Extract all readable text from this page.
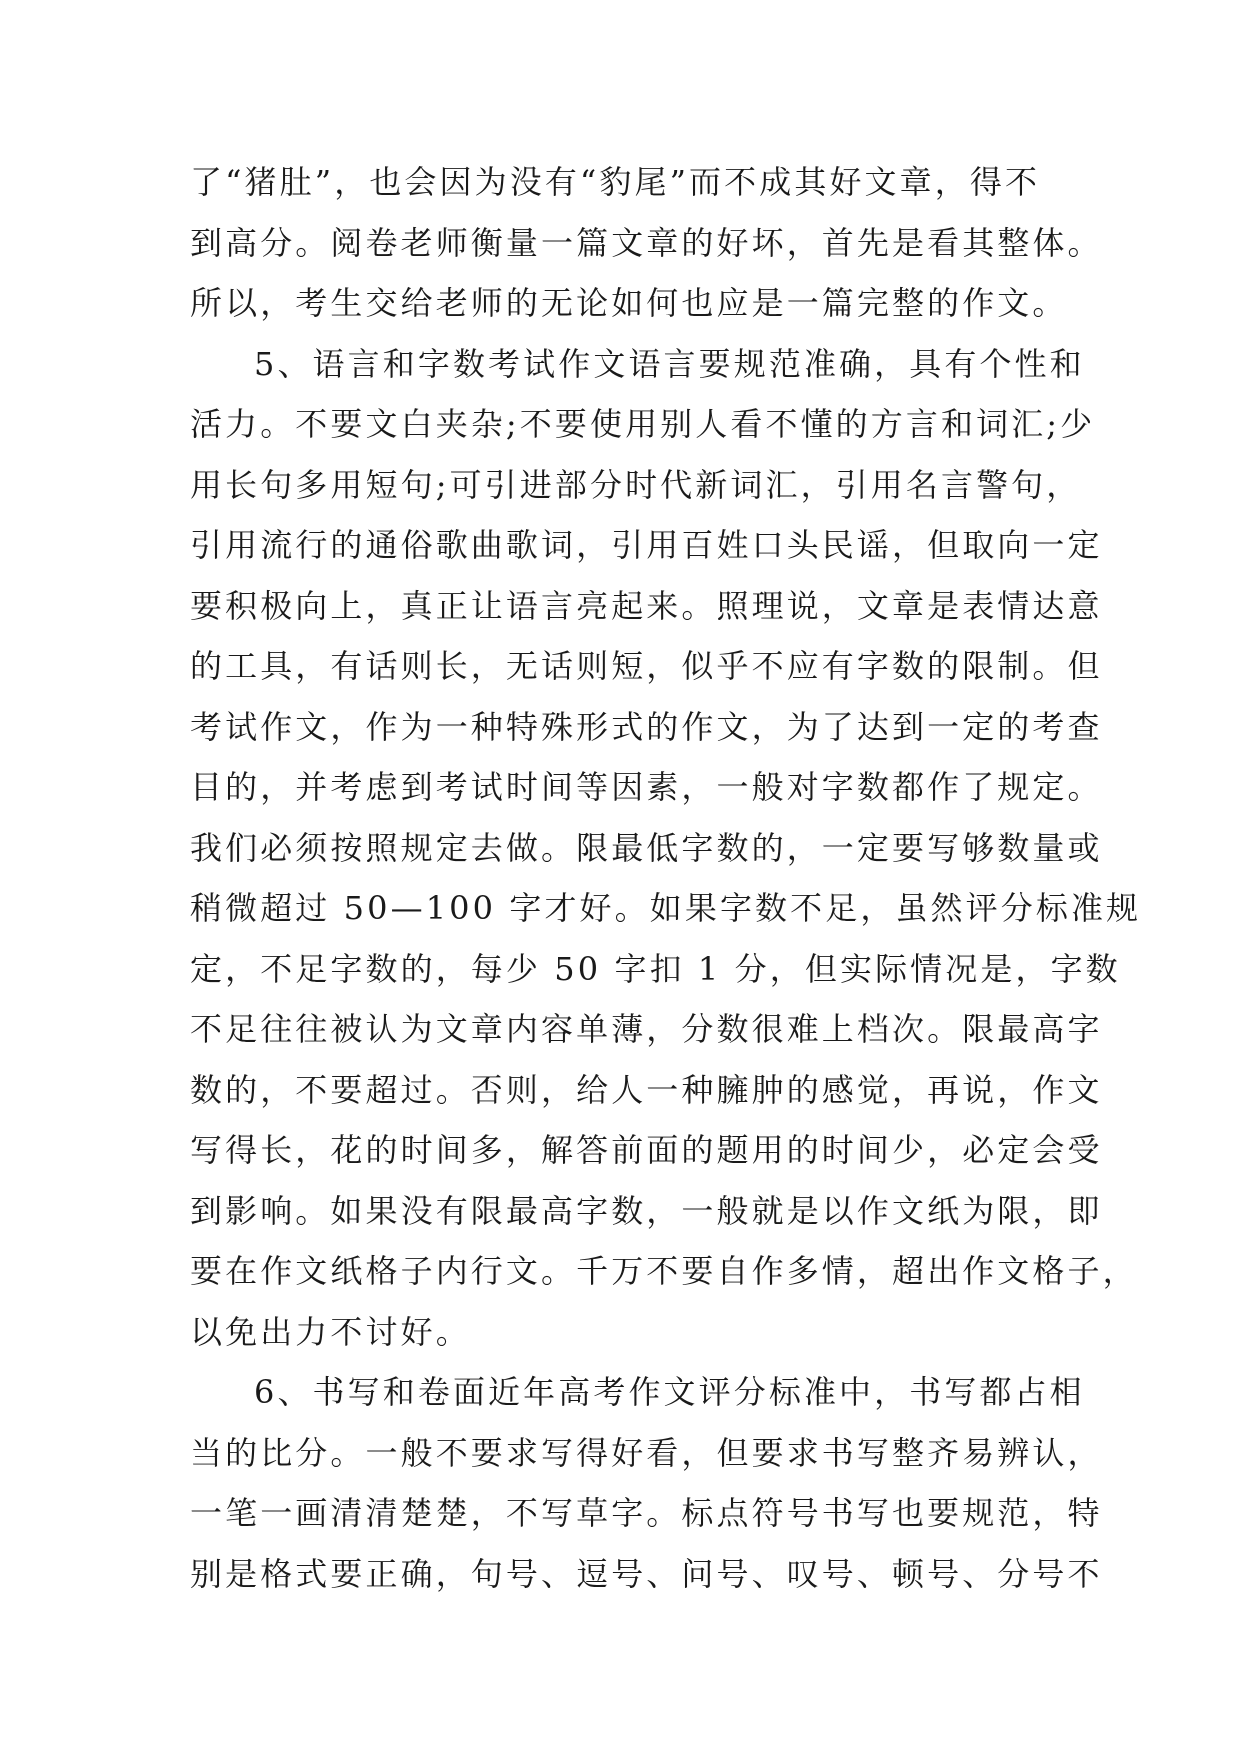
了“猪肚”，也会因为没有“豹尾”而不成其好文章，得不
到高分。阅卷老师衡量一篇文章的好坏，首先是看其整体。
所以，考生交给老师的无论如何也应是一篇完整的作文。
5、语言和字数考试作文语言要规范准确，具有个性和
活力。不要文白夹杂;不要使用别人看不懂的方言和词汇;少
用长句多用短句;可引进部分时代新词汇，引用名言警句，
引用流行的通俗歌曲歌词，引用百姓口头民谣，但取向一定
要积极向上，真正让语言亮起来。照理说，文章是表情达意
的工具，有话则长，无话则短，似乎不应有字数的限制。但
考试作文，作为一种特殊形式的作文，为了达到一定的考查
目的，并考虑到考试时间等因素，一般对字数都作了规定。
我们必须按照规定去做。限最低字数的，一定要写够数量或
稍微超过 50—100 字才好。如果字数不足，虽然评分标准规
定，不足字数的，每少 50 字扣 1 分，但实际情况是，字数
不足往往被认为文章内容单薄，分数很难上档次。限最高字
数的，不要超过。否则，给人一种臃肿的感觉，再说，作文
写得长，花的时间多，解答前面的题用的时间少，必定会受
到影响。如果没有限最高字数，一般就是以作文纸为限，即
要在作文纸格子内行文。千万不要自作多情，超出作文格子，
以免出力不讨好。
6、书写和卷面近年高考作文评分标准中，书写都占相
当的比分。一般不要求写得好看，但要求书写整齐易辨认，
一笔一画清清楚楚，不写草字。标点符号书写也要规范，特
别是格式要正确，句号、逗号、问号、叹号、顿号、分号不
